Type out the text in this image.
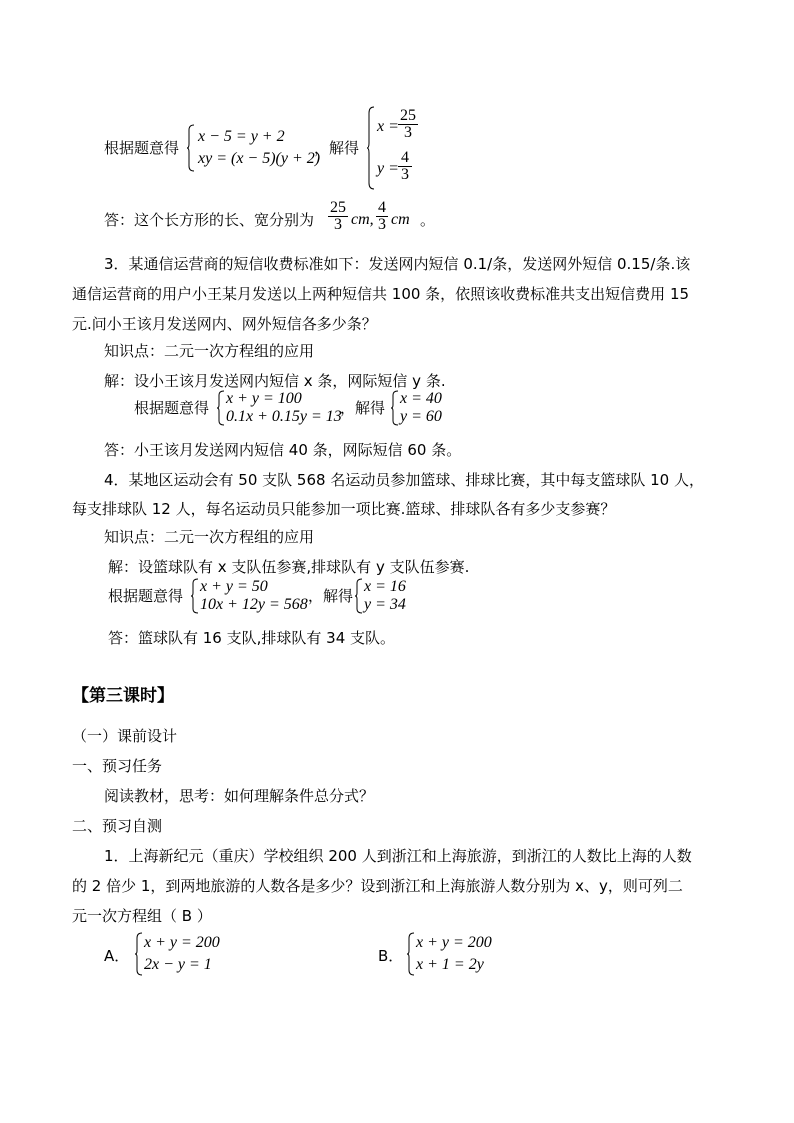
根据题意得
x − 5 = y + 2
xy = (x − 5)(y + 2)
，解得
x =
25
3
y =
4
3
答：这个长方形的长、宽分别为
25
3 cm,
4
3 cm 。
3．某通信运营商的短信收费标准如下：发送网内短信 0.1/条，发送网外短信 0.15/条.该
通信运营商的用户小王某月发送以上两种短信共 100 条，依照该收费标准共支出短信费用 15
元.问小王该月发送网内、网外短信各多少条？
知识点：二元一次方程组的应用
解：设小王该月发送网内短信 x 条，网际短信 y 条.
根据题意得
x + y = 100
0.1x + 0.15y = 13
，解得
x = 40
y = 60
答：小王该月发送网内短信 40 条，网际短信 60 条。
4．某地区运动会有 50 支队 568 名运动员参加篮球、排球比赛，其中每支篮球队 10 人，
每支排球队 12 人，每名运动员只能参加一项比赛.篮球、排球队各有多少支参赛？
知识点：二元一次方程组的应用
解：设篮球队有 x 支队伍参赛,排球队有 y 支队伍参赛.
根据题意得
x + y = 50
10x + 12y = 568 ，解得
x = 16
y = 34
答：篮球队有 16 支队,排球队有 34 支队。
【第三课时】
（一）课前设计
一、预习任务
阅读教材，思考：如何理解条件总分式？
二、预习自测
1．上海新纪元（重庆）学校组织 200 人到浙江和上海旅游，到浙江的人数比上海的人数
的 2 倍少 1，到两地旅游的人数各是多少？设到浙江和上海旅游人数分别为 x、y，则可列二
元一次方程组（ B ）
A．
x + y = 200
2x − y = 1	B．
x + y = 200
x + 1 = 2y
